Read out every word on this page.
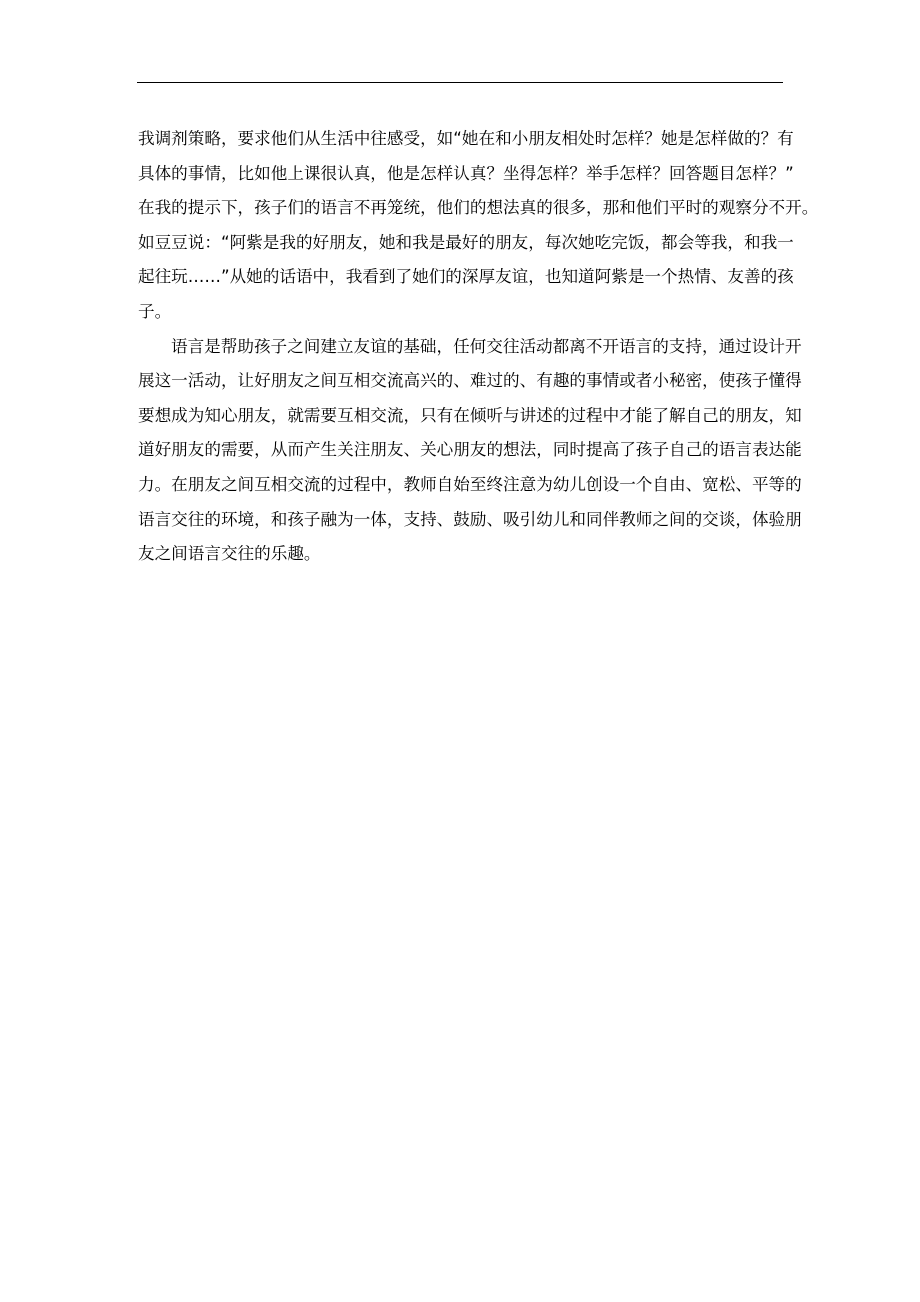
我调剂策略，要求他们从生活中往感受，如“她在和小朋友相处时怎样？她是怎样做的？有
具体的事情，比如他上课很认真，他是怎样认真？坐得怎样？举手怎样？回答题目怎样？”
在我的提示下，孩子们的语言不再笼统，他们的想法真的很多，那和他们平时的观察分不开。
如豆豆说：“阿紫是我的好朋友，她和我是最好的朋友，每次她吃完饭，都会等我，和我一
起往玩……”从她的话语中，我看到了她们的深厚友谊，也知道阿紫是一个热情、友善的孩
子。
语言是帮助孩子之间建立友谊的基础，任何交往活动都离不开语言的支持，通过设计开
展这一活动，让好朋友之间互相交流高兴的、难过的、有趣的事情或者小秘密，使孩子懂得
要想成为知心朋友，就需要互相交流，只有在倾听与讲述的过程中才能了解自己的朋友，知
道好朋友的需要，从而产生关注朋友、关心朋友的想法，同时提高了孩子自己的语言表达能
力。在朋友之间互相交流的过程中，教师自始至终注意为幼儿创设一个自由、宽松、平等的
语言交往的环境，和孩子融为一体，支持、鼓励、吸引幼儿和同伴教师之间的交谈，体验朋
友之间语言交往的乐趣。
